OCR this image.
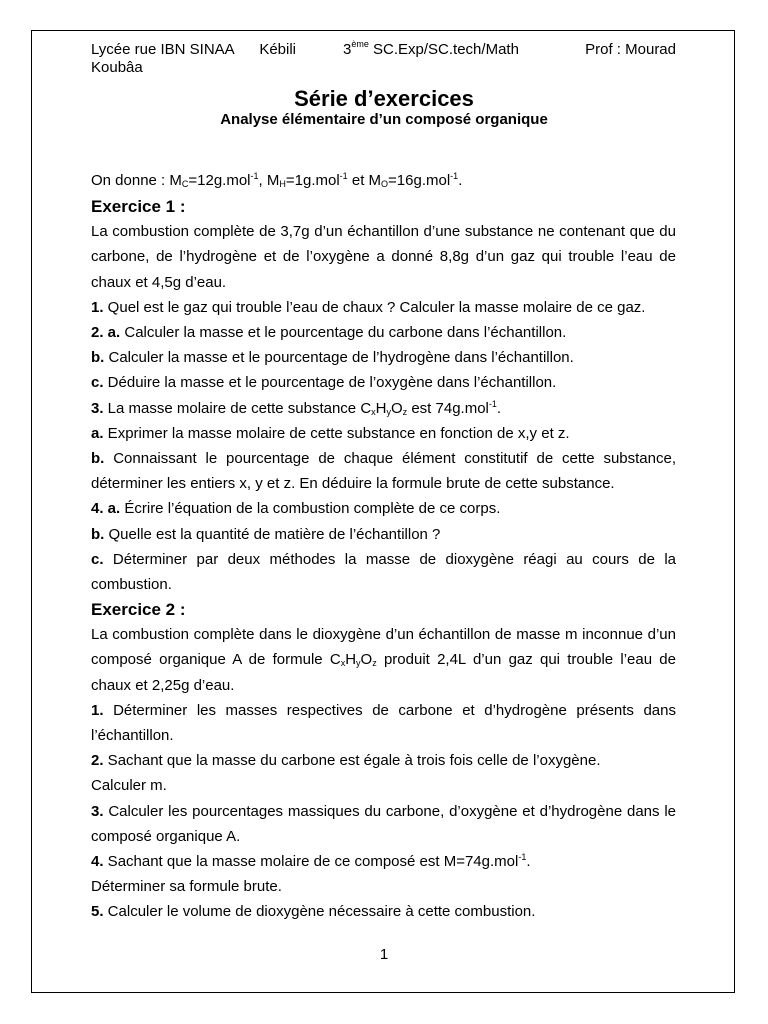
Lycée rue IBN SINAA Kébili
Koubâa
3ème SC.Exp/SC.tech/Math	Prof : Mourad
Série d’exercices
Analyse élémentaire d’un composé organique

On donne : $M_C=12g.mol^{-1}$, $M_H=1g.mol^{-1}$ et $M_O=16g.mol^{-1}$.

Exercice 1 :

La combustion complète de 3,7g d’un échantillon d’une substance ne contenant que du carbone, de l’hydrogène et de l’oxygène a donné 8,8g d’un gaz qui trouble l’eau de chaux et 4,5g d’eau.

1. Quel est le gaz qui trouble l’eau de chaux ? Calculer la masse molaire de ce gaz.

2. a. Calculer la masse et le pourcentage du carbone dans l’échantillon.

b. Calculer la masse et le pourcentage de l’hydrogène dans l’échantillon.

c. Déduire la masse et le pourcentage de l’oxygène dans l’échantillon.

3. La masse molaire de cette substance $C_xH_yO_z$ est 74g.mol$^{-1}$.

a. Exprimer la masse molaire de cette substance en fonction de x,y et z.

b. Connaissant le pourcentage de chaque élément constitutif de cette substance, déterminer les entiers x, y et z. En déduire la formule brute de cette substance.

4. a. Écrire l’équation de la combustion complète de ce corps.

b. Quelle est la quantité de matière de l’échantillon ?

c. Déterminer par deux méthodes la masse de dioxygène réagi au cours de la combustion.

Exercice 2 :

La combustion complète dans le dioxygène d’un échantillon de masse m inconnue d’un composé organique A de formule $C_xH_yO_z$ produit 2,4L d’un gaz qui trouble l’eau de chaux et 2,25g d’eau.

1. Déterminer les masses respectives de carbone et d’hydrogène présents dans l’échantillon.

2. Sachant que la masse du carbone est égale à trois fois celle de l’oxygène.

Calculer m.

3. Calculer les pourcentages massiques du carbone, d’oxygène et d’hydrogène dans le composé organique A.

4. Sachant que la masse molaire de ce composé est M=74g.mol$^{-1}$.

Déterminer sa formule brute.

5. Calculer le volume de dioxygène nécessaire à cette combustion.

1
